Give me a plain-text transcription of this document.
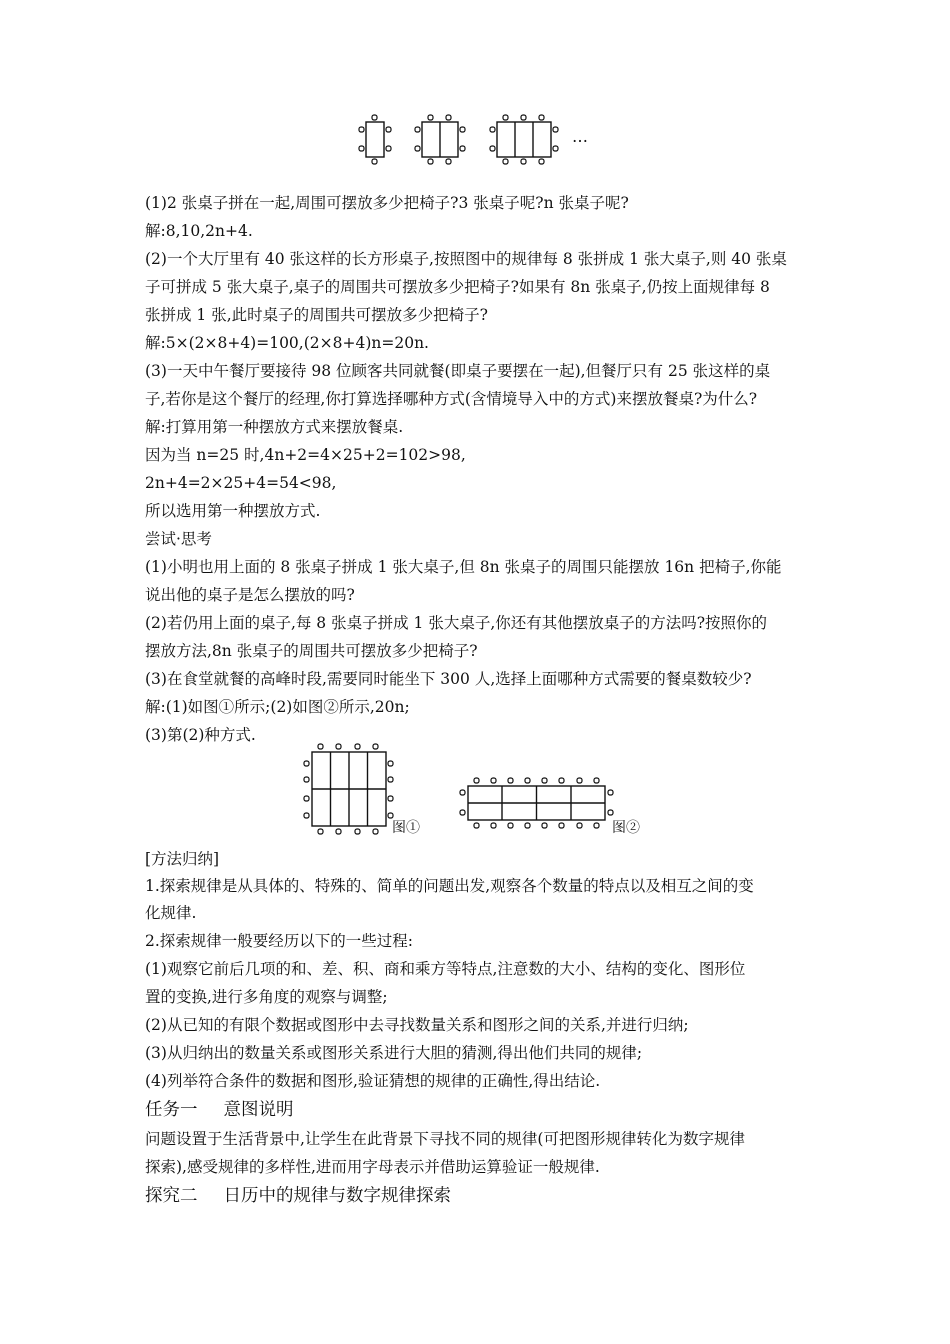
…
(1)2 张桌子拼在一起,周围可摆放多少把椅子?3 张桌子呢?n 张桌子呢?
解:8,10,2n+4.
(2)一个大厅里有 40 张这样的长方形桌子,按照图中的规律每 8 张拼成 1 张大桌子,则 40 张桌
子可拼成 5 张大桌子,桌子的周围共可摆放多少把椅子?如果有 8n 张桌子,仍按上面规律每 8
张拼成 1 张,此时桌子的周围共可摆放多少把椅子?
解:5×(2×8+4)=100,(2×8+4)n=20n.
(3)一天中午餐厅要接待 98 位顾客共同就餐(即桌子要摆在一起),但餐厅只有 25 张这样的桌
子,若你是这个餐厅的经理,你打算选择哪种方式(含情境导入中的方式)来摆放餐桌?为什么?
解:打算用第一种摆放方式来摆放餐桌.
因为当 n=25 时,4n+2=4×25+2=102>98,
2n+4=2×25+4=54<98,
所以选用第一种摆放方式.
尝试·思考
(1)小明也用上面的 8 张桌子拼成 1 张大桌子,但 8n 张桌子的周围只能摆放 16n 把椅子,你能
说出他的桌子是怎么摆放的吗?
(2)若仍用上面的桌子,每 8 张桌子拼成 1 张大桌子,你还有其他摆放桌子的方法吗?按照你的
摆放方法,8n 张桌子的周围共可摆放多少把椅子?
(3)在食堂就餐的高峰时段,需要同时能坐下 300 人,选择上面哪种方式需要的餐桌数较少?
解:(1)如图①所示;(2)如图②所示,20n;
(3)第(2)种方式.
图①	图②
[方法归纳]
1.探索规律是从具体的、特殊的、简单的问题出发,观察各个数量的特点以及相互之间的变
化规律.
2.探索规律一般要经历以下的一些过程:
(1)观察它前后几项的和、差、积、商和乘方等特点,注意数的大小、结构的变化、图形位
置的变换,进行多角度的观察与调整;
(2)从已知的有限个数据或图形中去寻找数量关系和图形之间的关系,并进行归纳;
(3)从归纳出的数量关系或图形关系进行大胆的猜测,得出他们共同的规律;
(4)列举符合条件的数据和图形,验证猜想的规律的正确性,得出结论.
任务一 意图说明
问题设置于生活背景中,让学生在此背景下寻找不同的规律(可把图形规律转化为数字规律
探索),感受规律的多样性,进而用字母表示并借助运算验证一般规律.
探究二 日历中的规律与数字规律探索
